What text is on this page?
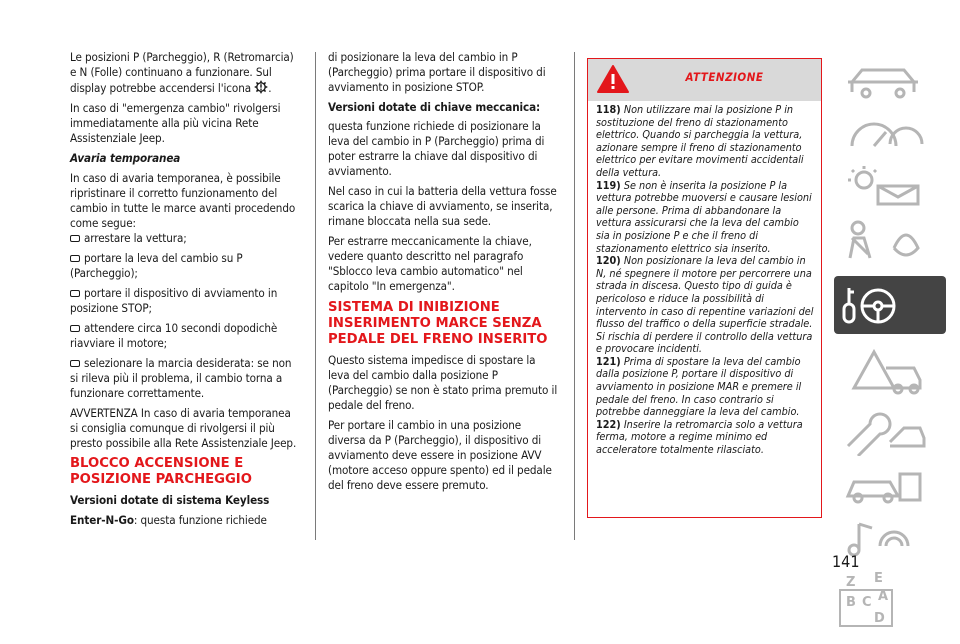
Le posizioni P (Parcheggio), R (Retromarcia) e N (Folle) continuano a funzionare. Sul display potrebbe accendersi l'icona .

In caso di "emergenza cambio" rivolgersi immediatamente alla più vicina Rete Assistenziale Jeep.

Avaria temporanea

In caso di avaria temporanea, è possibile ripristinare il corretto funzionamento del cambio in tutte le marce avanti procedendo come segue:

arrestare la vettura;

portare la leva del cambio su P (Parcheggio);

portare il dispositivo di avviamento in posizione STOP;

attendere circa 10 secondi dopodichè riavviare il motore;

selezionare la marcia desiderata: se non si rileva più il problema, il cambio torna a funzionare correttamente.

AVVERTENZA In caso di avaria temporanea si consiglia comunque di rivolgersi il più presto possibile alla Rete Assistenziale Jeep.

BLOCCO ACCENSIONE E POSIZIONE PARCHEGGIO

Versioni dotate di sistema Keyless

Enter-N-Go: questa funzione richiede

di posizionare la leva del cambio in P (Parcheggio) prima portare il dispositivo di avviamento in posizione STOP.

Versioni dotate di chiave meccanica:

questa funzione richiede di posizionare la leva del cambio in P (Parcheggio) prima di poter estrarre la chiave dal dispositivo di avviamento.

Nel caso in cui la batteria della vettura fosse scarica la chiave di avviamento, se inserita, rimane bloccata nella sua sede.

Per estrarre meccanicamente la chiave, vedere quanto descritto nel paragrafo "Sblocco leva cambio automatico" nel capitolo "In emergenza".

SISTEMA DI INIBIZIONE INSERIMENTO MARCE SENZA PEDALE DEL FRENO INSERITO

Questo sistema impedisce di spostare la leva del cambio dalla posizione P (Parcheggio) se non è stato prima premuto il pedale del freno.

Per portare il cambio in una posizione diversa da P (Parcheggio), il dispositivo di avviamento deve essere in posizione AVV (motore acceso oppure spento) ed il pedale del freno deve essere premuto.

ATTENZIONE

118) Non utilizzare mai la posizione P in sostituzione del freno di stazionamento elettrico. Quando si parcheggia la vettura, azionare sempre il freno di stazionamento elettrico per evitare movimenti accidentali della vettura.

119) Se non è inserita la posizione P la vettura potrebbe muoversi e causare lesioni alle persone. Prima di abbandonare la vettura assicurarsi che la leva del cambio sia in posizione P e che il freno di stazionamento elettrico sia inserito.

120) Non posizionare la leva del cambio in N, né spegnere il motore per percorrere una strada in discesa. Questo tipo di guida è pericoloso e riduce la possibilità di intervento in caso di repentine variazioni del flusso del traffico o della superficie stradale. Si rischia di perdere il controllo della vettura e provocare incidenti.

121) Prima di spostare la leva del cambio dalla posizione P, portare il dispositivo di avviamento in posizione MAR e premere il pedale del freno. In caso contrario si potrebbe danneggiare la leva del cambio.

122) Inserire la retromarcia solo a vettura ferma, motore a regime minimo ed acceleratore totalmente rilasciato.

Z E
B C A
D
141
